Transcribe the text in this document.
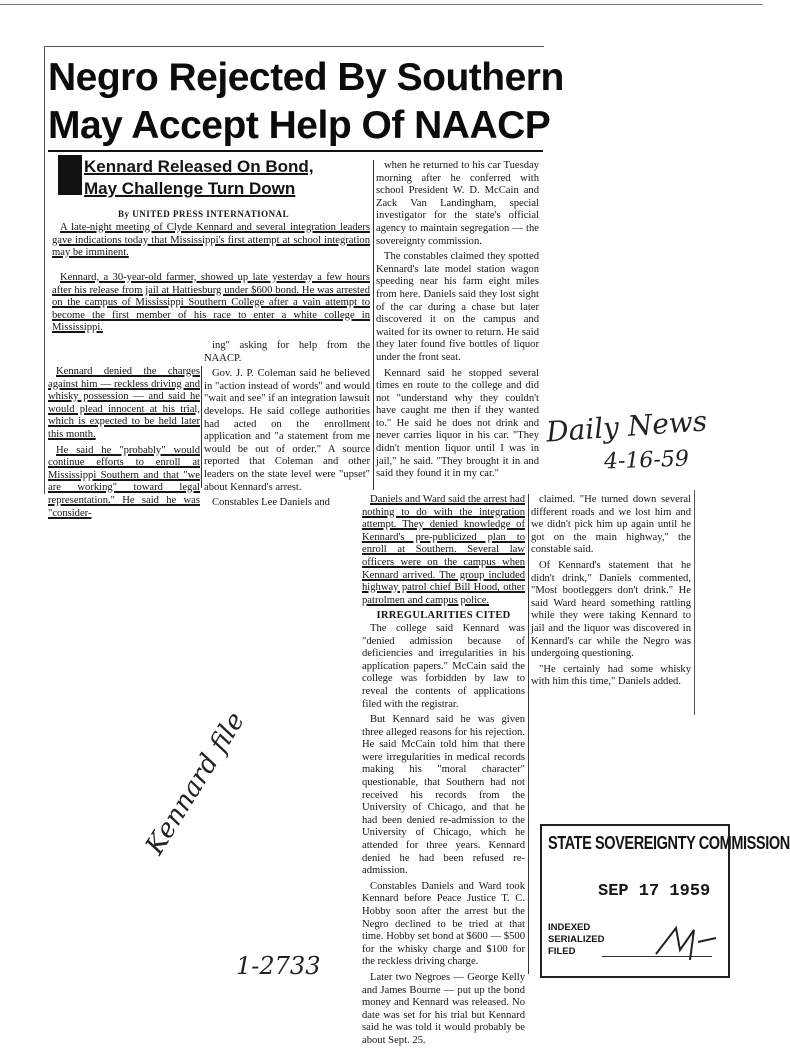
Negro Rejected By Southern
May Accept Help Of NAACP
Kennard Released On Bond,
May Challenge Turn Down
By UNITED PRESS INTERNATIONAL

A late-night meeting of Clyde Kennard and several integration leaders gave indications today that Mississippi's first attempt at school integration may be imminent.

Kennard, a 30-year-old farmer, showed up late yesterday a few hours after his release from jail at Hattiesburg under $600 bond. He was arrested on the campus of Mississippi Southern College after a vain attempt to become the first member of his race to enter a white college in Mississippi.

Kennard denied the charges against him — reckless driving and whisky possession — and said he would plead innocent at his trial, which is expected to be held later this month.

He said he "probably" would continue efforts to enroll at Mississippi Southern and that "we are working" toward legal representation." He said he was "consider-

ing" asking for help from the NAACP.

Gov. J. P. Coleman said he believed in "action instead of words" and would "wait and see" if an integration lawsuit develops. He said college authorities had acted on the enrollment application and "a statement from me would be out of order." A source reported that Coleman and other leaders on the state level were "upset" about Kennard's arrest.

Constables Lee Daniels and

when he returned to his car Tuesday morning after he conferred with school President W. D. McCain and Zack Van Landingham, special investigator for the state's official agency to maintain segregation — the sovereignty commission.

The constables claimed they spotted Kennard's late model station wagon speeding near his farm eight miles from here. Daniels said they lost sight of the car during a chase but later discovered it on the campus and waited for its owner to return. He said they later found five bottles of liquor under the front seat.

Kennard said he stopped several times en route to the college and did not "understand why they couldn't have caught me then if they wanted to." He said he does not drink and never carries liquor in his car. "They didn't mention liquor until I was in jail," he said. "They brought it in and said they found it in my car."

Daniels and Ward said the arrest had nothing to do with the integration attempt. They denied knowledge of Kennard's pre-publicized plan to enroll at Southern. Several law officers were on the campus when Kennard arrived. The group included highway patrol chief Bill Hood, other patrolmen and campus police.

IRREGULARITIES CITED

The college said Kennard was "denied admission because of deficiencies and irregularities in his application papers." McCain said the college was forbidden by law to reveal the contents of applications filed with the registrar.

But Kennard said he was given three alleged reasons for his rejection. He said McCain told him that there were irregularities in medical records making his "moral character" questionable, that Southern had not received his records from the University of Chicago, and that he had been denied re-admission to the University of Chicago, which he attended for three years. Kennard denied he had been refused re-admission.

Constables Daniels and Ward took Kennard before Peace Justice T. C. Hobby soon after the arrest but the Negro declined to be tried at that time. Hobby set bond at $600 — $500 for the whisky charge and $100 for the reckless driving charge.

Later two Negroes — George Kelly and James Bourne — put up the bond money and Kennard was released. No date was set for his trial but Kennard said he was told it would probably be about Sept. 25.

claimed. "He turned down several different roads and we lost him and we didn't pick him up again until he got on the main highway," the constable said.

Of Kennard's statement that he didn't drink," Daniels commented, "Most bootleggers don't drink." He said Ward heard something rattling while they were taking Kennard to jail and the liquor was discovered in Kennard's car while the Negro was undergoing questioning.

"He certainly had some whisky with him this time," Daniels added.

Daily News
4-16-59
Kennard file
1-2733
STATE SOVEREIGNTY COMMISSION
SEP 17 1959
INDEXED
SERIALIZED
FILED
